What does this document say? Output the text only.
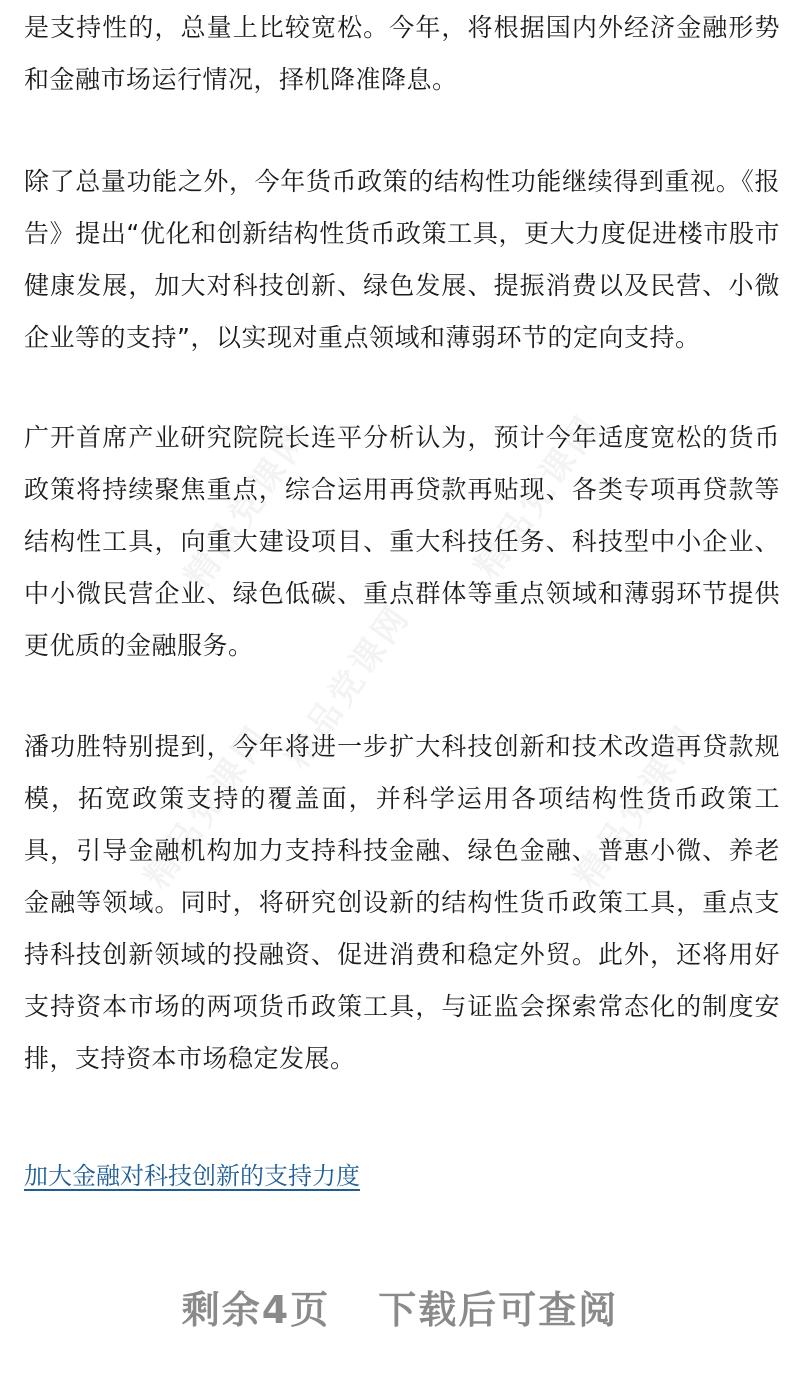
精品党课网	精品党课网
精品党课网
精品党课网	精品党课网

是支持性的，总量上比较宽松。今年，将根据国内外经济金融形势和金融市场运行情况，择机降准降息。

除了总量功能之外，今年货币政策的结构性功能继续得到重视。《报告》提出“优化和创新结构性货币政策工具，更大力度促进楼市股市健康发展，加大对科技创新、绿色发展、提振消费以及民营、小微企业等的支持”，以实现对重点领域和薄弱环节的定向支持。

广开首席产业研究院院长连平分析认为，预计今年适度宽松的货币政策将持续聚焦重点，综合运用再贷款再贴现、各类专项再贷款等结构性工具，向重大建设项目、重大科技任务、科技型中小企业、中小微民营企业、绿色低碳、重点群体等重点领域和薄弱环节提供更优质的金融服务。

潘功胜特别提到，今年将进一步扩大科技创新和技术改造再贷款规模，拓宽政策支持的覆盖面，并科学运用各项结构性货币政策工具，引导金融机构加力支持科技金融、绿色金融、普惠小微、养老金融等领域。同时，将研究创设新的结构性货币政策工具，重点支持科技创新领域的投融资、促进消费和稳定外贸。此外，还将用好支持资本市场的两项货币政策工具，与证监会探索常态化的制度安排，支持资本市场稳定发展。

加大金融对科技创新的支持力度
剩余4页 下载后可查阅
